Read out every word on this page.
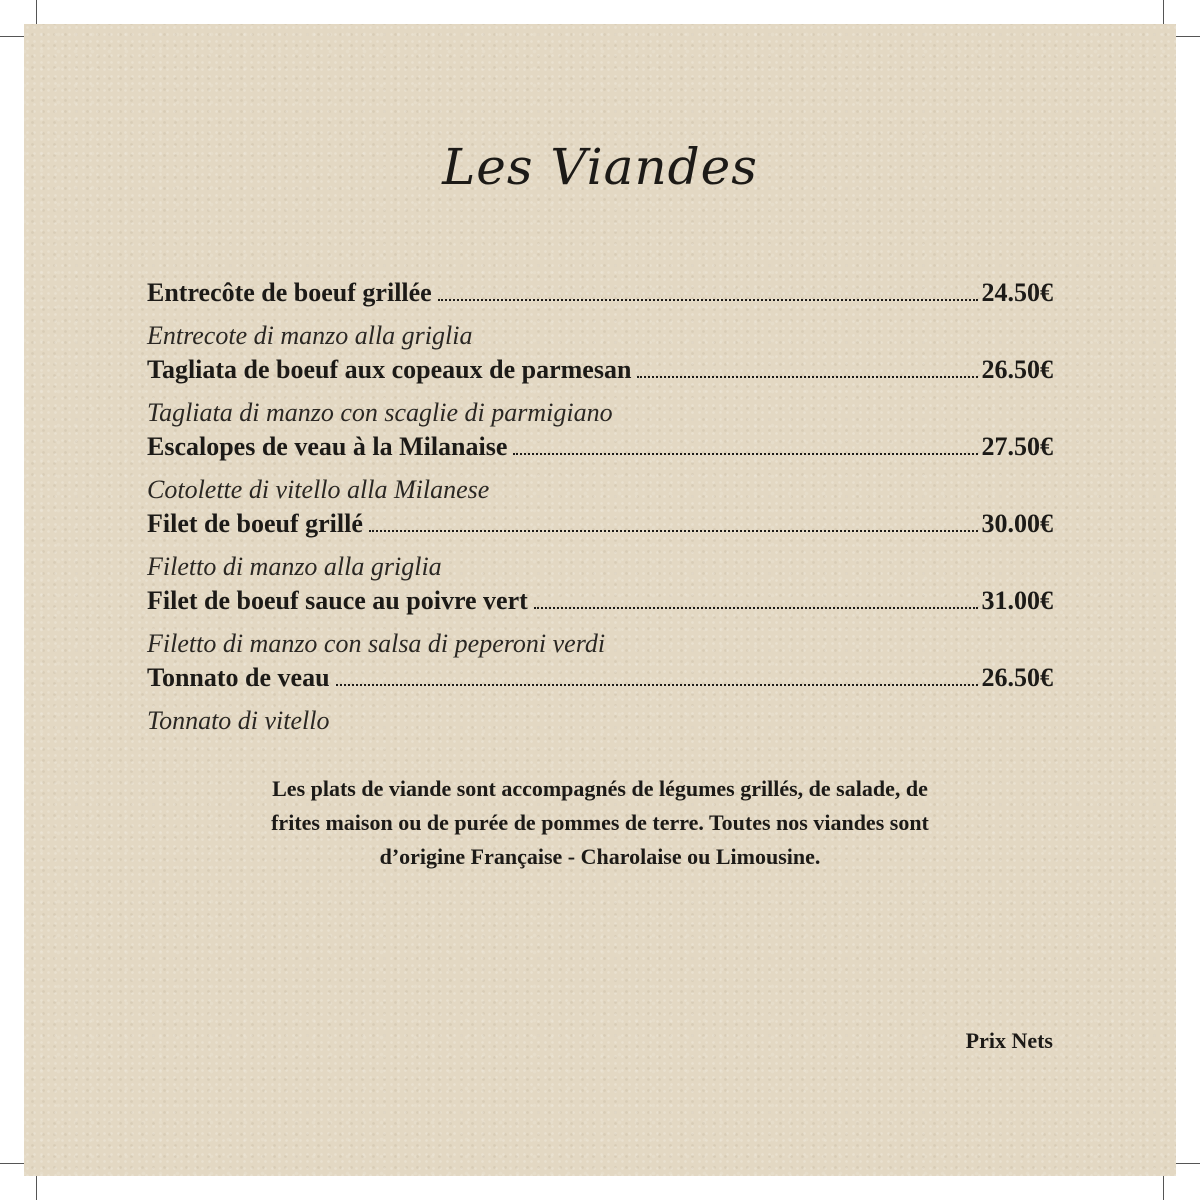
Les Viandes
Entrecôte de boeuf grillée	24.50€
Entrecote di manzo alla griglia
Tagliata de boeuf aux copeaux de parmesan	26.50€
Tagliata di manzo con scaglie di parmigiano
Escalopes de veau à la Milanaise	27.50€
Cotolette di vitello alla Milanese
Filet de boeuf grillé	30.00€
Filetto di manzo alla griglia
Filet de boeuf sauce au poivre vert	31.00€
Filetto di manzo con salsa di peperoni verdi
Tonnato de veau	26.50€
Tonnato di vitello
Les plats de viande sont accompagnés de légumes grillés, de salade, de
frites maison ou de purée de pommes de terre. Toutes nos viandes sont
d’origine Française - Charolaise ou Limousine.
Prix Nets
